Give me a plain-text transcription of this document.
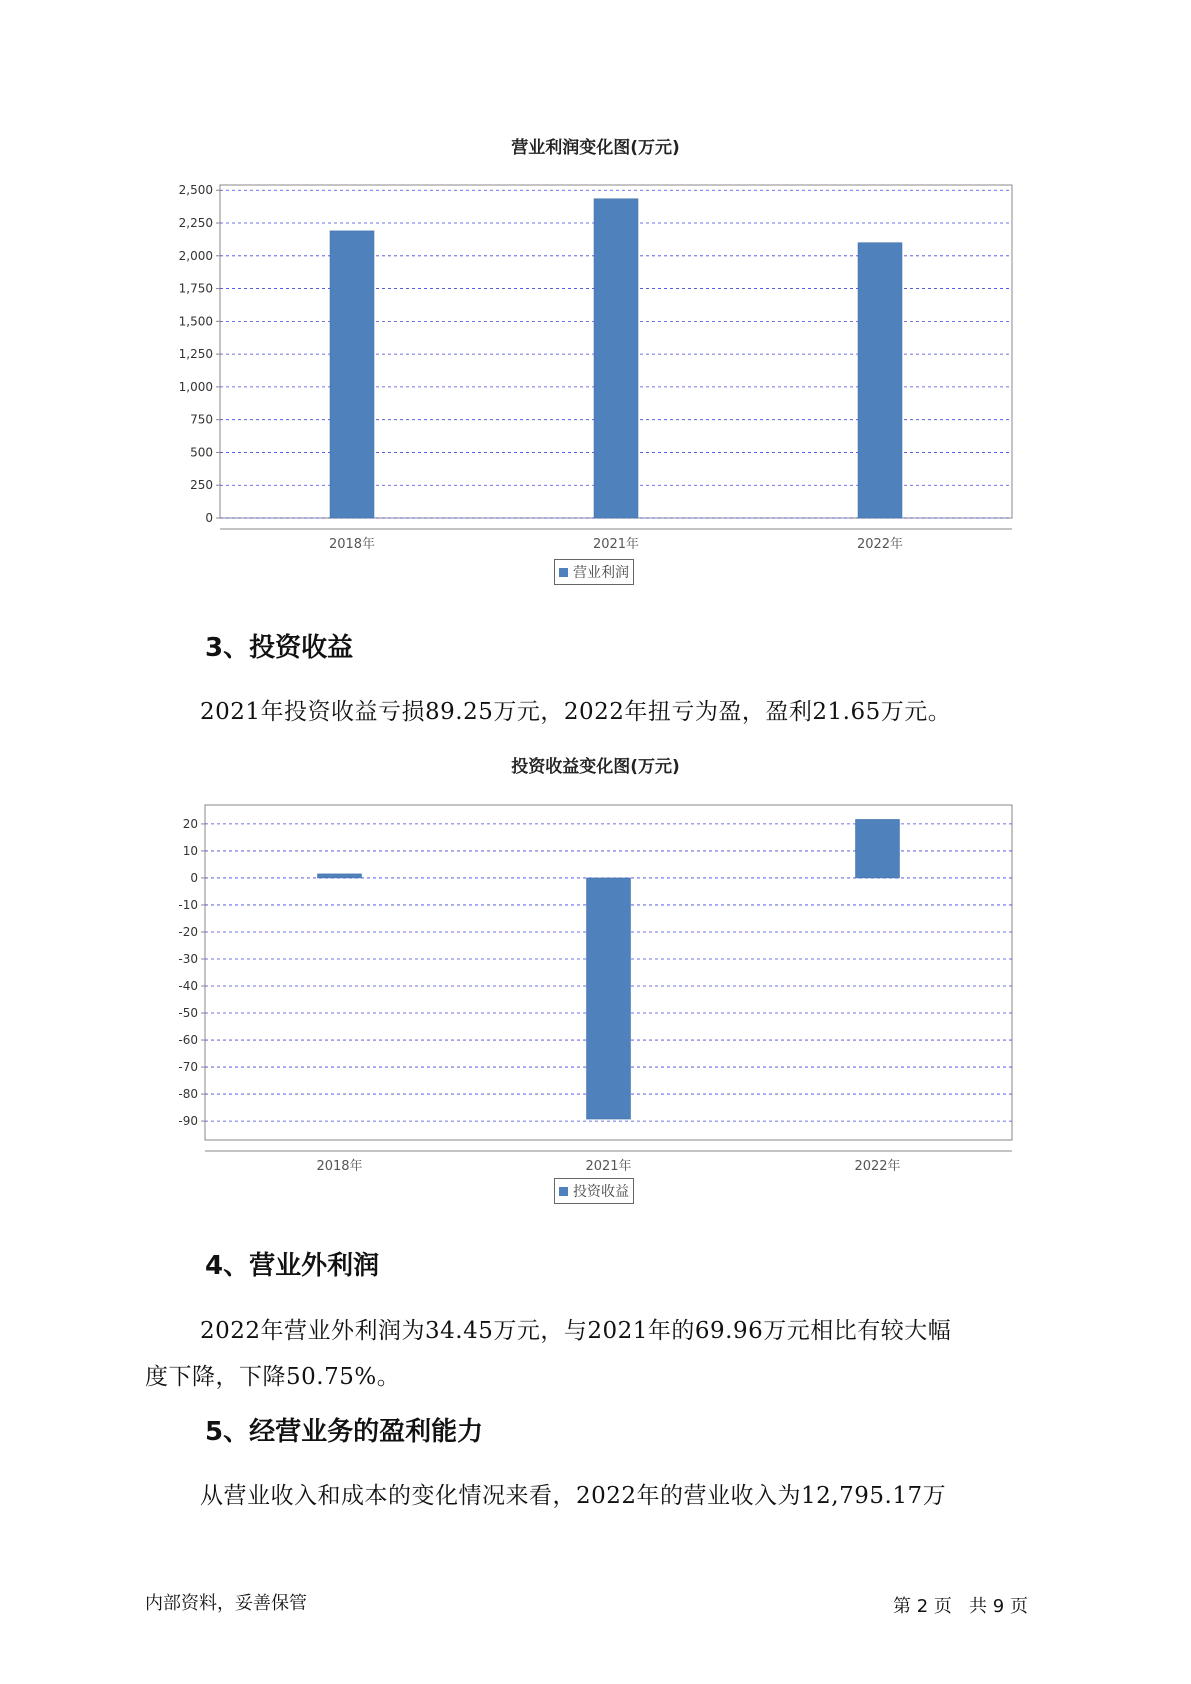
营业利润变化图(万元)
0
250
500
750
1,000
1,250
1,500
1,750
2,000
2,250
2,500
2018年	2021年	2022年
营业利润
3、投资收益
2021年投资收益亏损89.25万元，2022年扭亏为盈，盈利21.65万元。
投资收益变化图(万元)
20
10
0
-10
-20
-30
-40
-50
-60
-70
-80
-90
2018年	2021年	2022年
投资收益
4、营业外利润
2022年营业外利润为34.45万元，与2021年的69.96万元相比有较大幅
度下降，下降50.75%。
5、经营业务的盈利能力
从营业收入和成本的变化情况来看，2022年的营业收入为12,795.17万
内部资料，妥善保管	第 2 页   共 9 页
